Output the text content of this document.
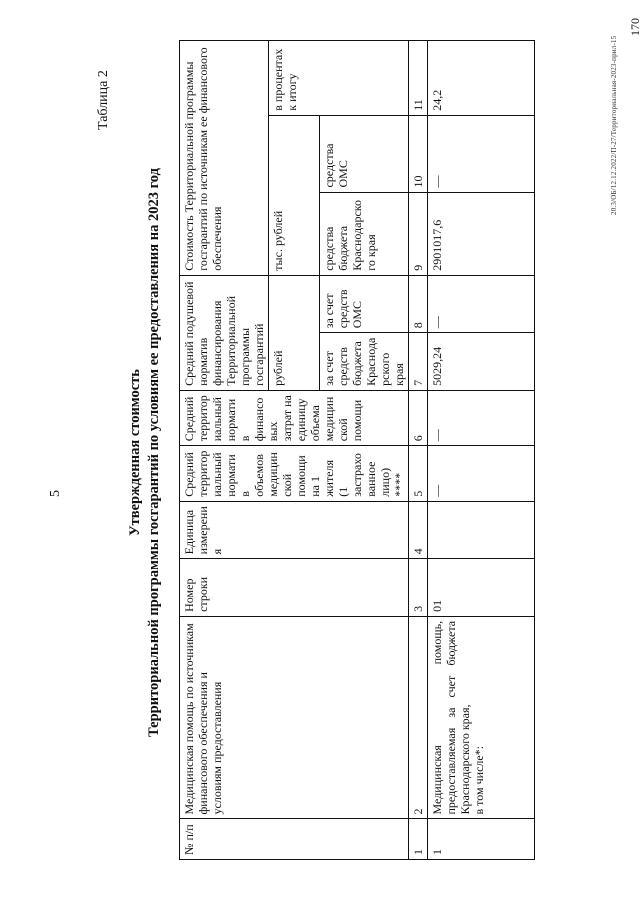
5
Таблица 2
Утвержденная стоимость Территориальной программы госгарантий по условиям ее предоставления на 2023 год
№ п/п	Медицинская помощь по источникам финансового обеспечения и условиям предоставления	Номер строки	Единица измерения	Средний территориальный норматив объемов медицинской помощи на 1 жителя (1 застрахованное лицо) ****	Средний территориальный норматив финансовых затрат на единицу объема медицинской помощи	Средний подушевой норматив финансирования Территориальной программы госгарантий		Стоимость Территориальной программы госгарантий по источникам ее финансового обеспечения		
						рублей		тыс. рублей		в процентах к итогу
						за счет средств бюджета Краснодарского края	за счет средств ОМС	средства бюджета Краснодарского края	средства ОМС	
1	2	3	4	5	6	7	8	9	10	11
1	Медицинская помощь, предоставляемая за счет бюджета Краснодарского края, в том числе*:	01		—	—	5029,24	—	2901017,6	—	24,2	20.3/ОБ/12.12.2022/П-27/Территориальная-2023-прил-15
170
